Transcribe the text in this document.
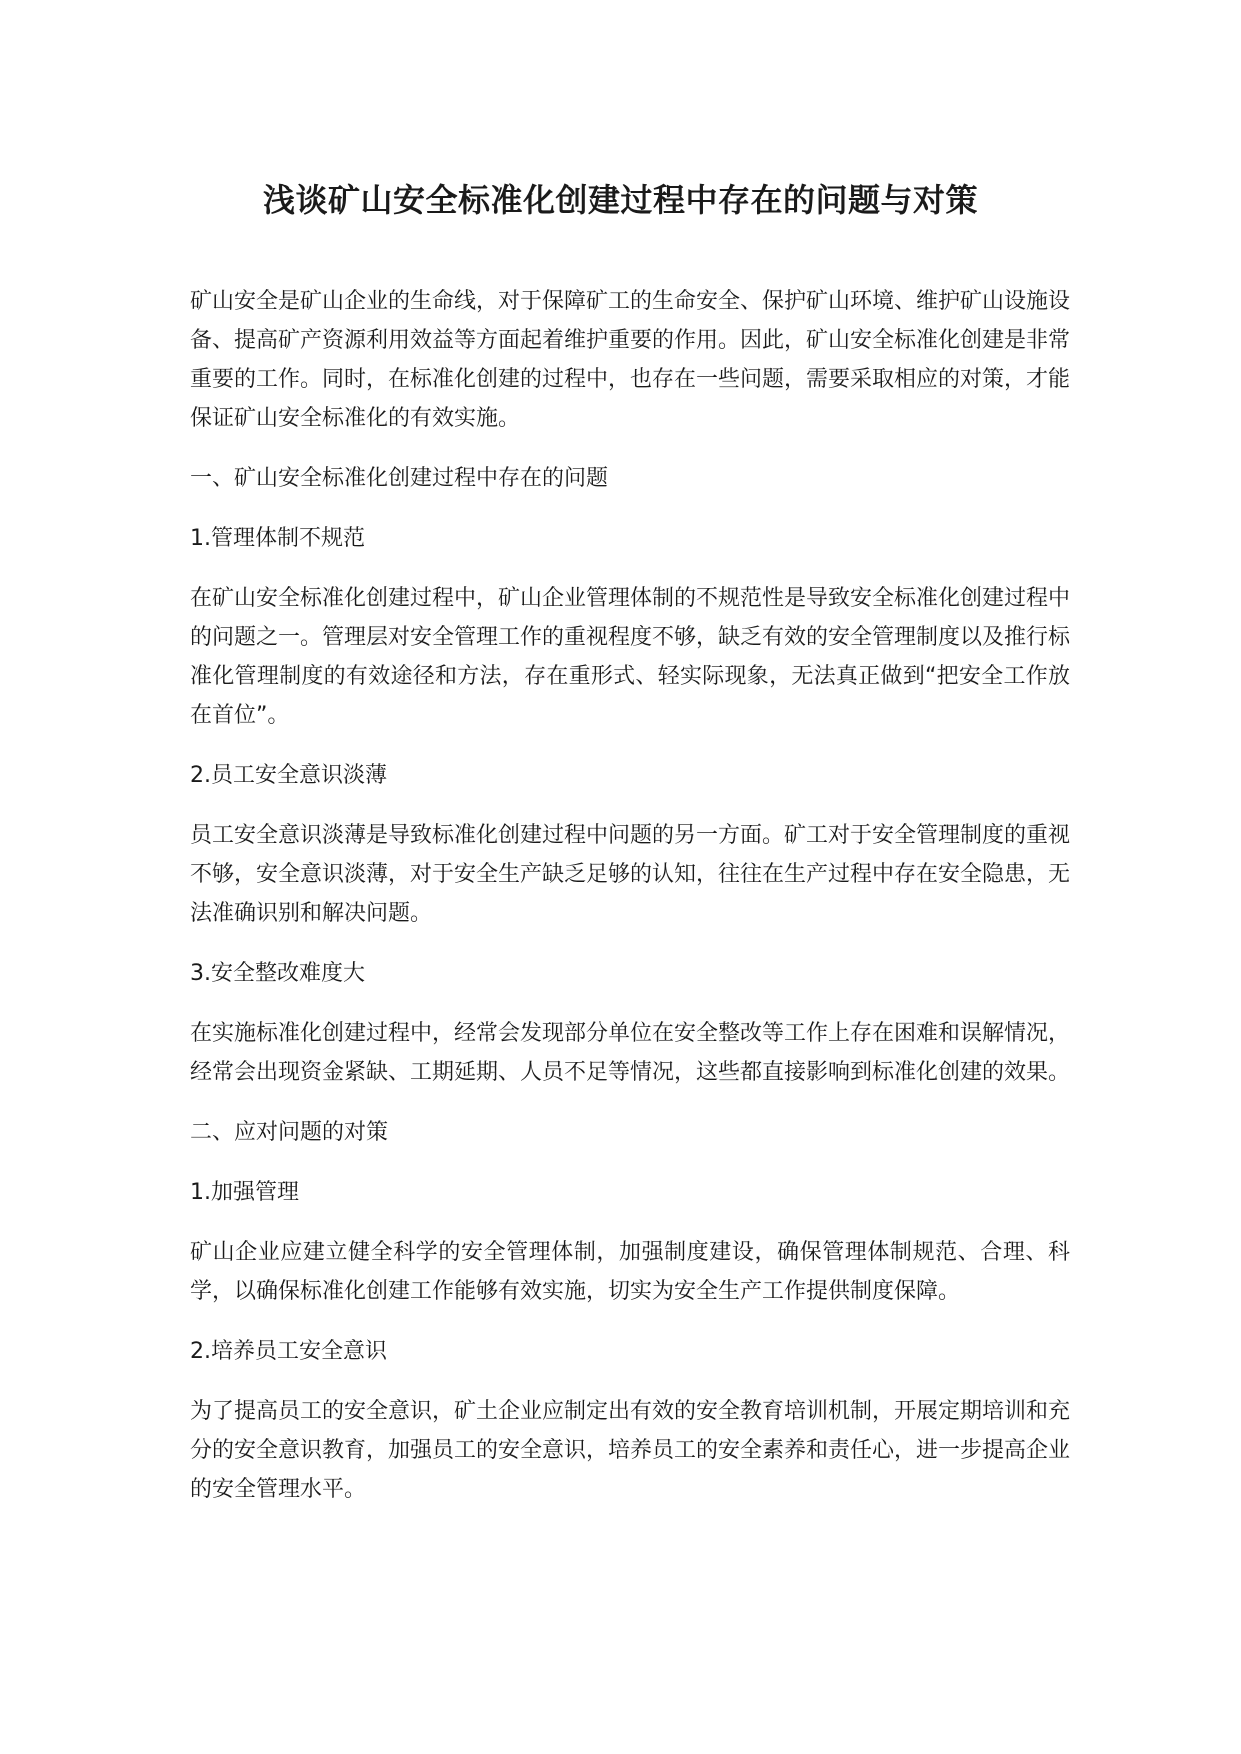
浅谈矿山安全标准化创建过程中存在的问题与对策

矿山安全是矿山企业的生命线，对于保障矿工的生命安全、保护矿山环境、维护矿山设施设备、提高矿产资源利用效益等方面起着维护重要的作用。因此，矿山安全标准化创建是非常重要的工作。同时，在标准化创建的过程中，也存在一些问题，需要采取相应的对策，才能保证矿山安全标准化的有效实施。

一、矿山安全标准化创建过程中存在的问题

1.管理体制不规范

在矿山安全标准化创建过程中，矿山企业管理体制的不规范性是导致安全标准化创建过程中的问题之一。管理层对安全管理工作的重视程度不够，缺乏有效的安全管理制度以及推行标准化管理制度的有效途径和方法，存在重形式、轻实际现象，无法真正做到“把安全工作放在首位”。

2.员工安全意识淡薄

员工安全意识淡薄是导致标准化创建过程中问题的另一方面。矿工对于安全管理制度的重视不够，安全意识淡薄，对于安全生产缺乏足够的认知，往往在生产过程中存在安全隐患，无法准确识别和解决问题。

3.安全整改难度大

在实施标准化创建过程中，经常会发现部分单位在安全整改等工作上存在困难和误解情况，经常会出现资金紧缺、工期延期、人员不足等情况，这些都直接影响到标准化创建的效果。

二、应对问题的对策

1.加强管理

矿山企业应建立健全科学的安全管理体制，加强制度建设，确保管理体制规范、合理、科学，以确保标准化创建工作能够有效实施，切实为安全生产工作提供制度保障。

2.培养员工安全意识

为了提高员工的安全意识，矿土企业应制定出有效的安全教育培训机制，开展定期培训和充分的安全意识教育，加强员工的安全意识，培养员工的安全素养和责任心，进一步提高企业的安全管理水平。
